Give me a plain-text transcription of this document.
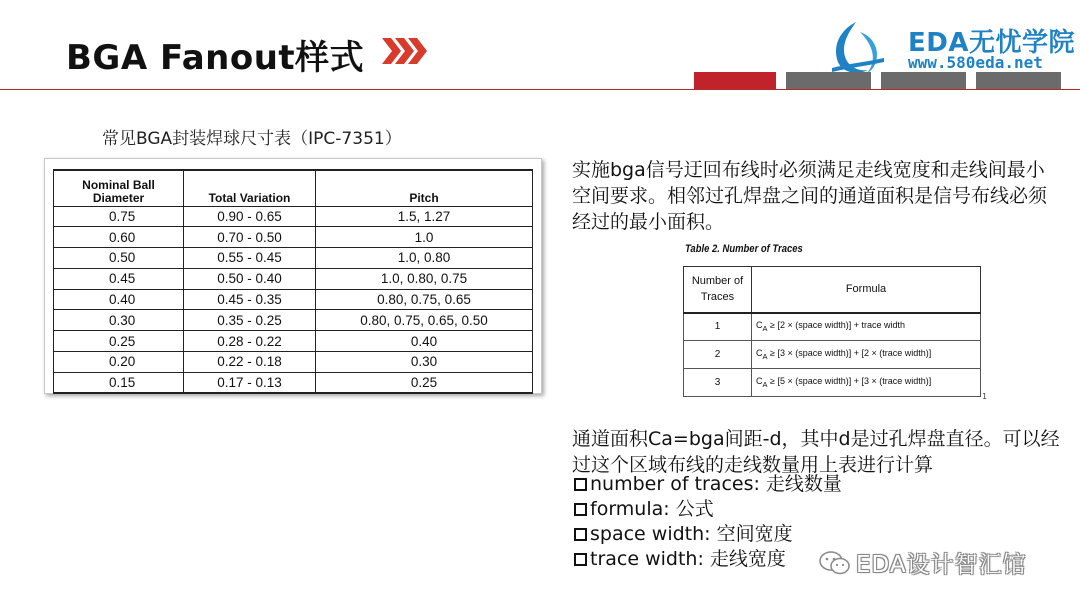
BGA Fanout样式	EDA无忧学院
www.580eda.net
常见BGA封装焊球尺寸表（IPC-7351）
Nominal Ball Diameter	Total Variation	Pitch
0.75	0.90 - 0.65	1.5, 1.27
0.60	0.70 - 0.50	1.0
0.50	0.55 - 0.45	1.0, 0.80
0.45	0.50 - 0.40	1.0, 0.80, 0.75
0.40	0.45 - 0.35	0.80, 0.75, 0.65
0.30	0.35 - 0.25	0.80, 0.75, 0.65, 0.50
0.25	0.28 - 0.22	0.40
0.20	0.22 - 0.18	0.30
0.15	0.17 - 0.13	0.25
实施bga信号迂回布线时必须满足走线宽度和走线间最小空间要求。相邻过孔焊盘之间的通道面积是信号布线必须经过的最小面积。
Table 2. Number of Traces
Number of Traces	Formula
1	$C_A \ge [2$ × (space width)] + trace width
2	$C_A \ge [3$ × (space width)] + [2 × (trace width)]
3	$C_A \ge [5$ × (space width)] + [3 × (trace width)]
1
通道面积Ca=bga间距-d，其中d是过孔焊盘直径。可以经过这个区域布线的走线数量用上表进行计算
number of traces: 走线数量
formula: 公式
space width: 空间宽度
trace width: 走线宽度	EDA设计智汇馆
